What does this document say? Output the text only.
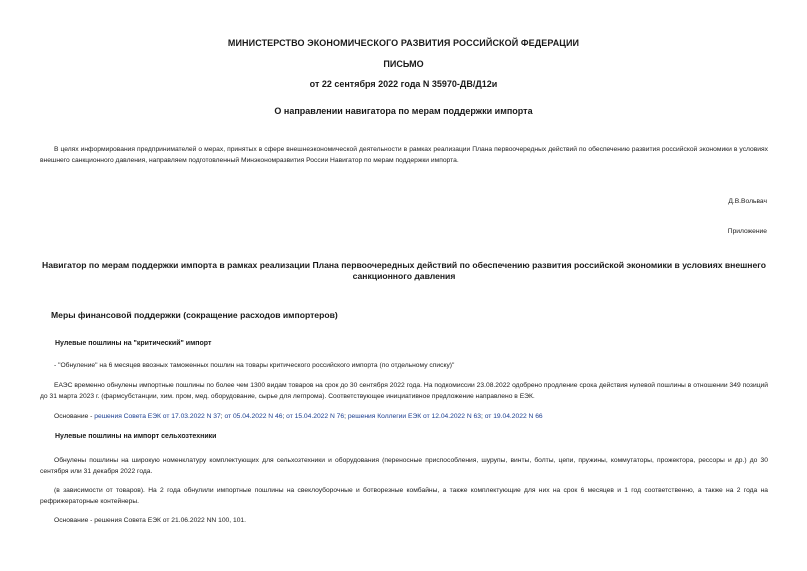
МИНИСТЕРСТВО ЭКОНОМИЧЕСКОГО РАЗВИТИЯ РОССИЙСКОЙ ФЕДЕРАЦИИ
ПИСЬМО
от 22 сентября 2022 года N 35970-ДВ/Д12и
О направлении навигатора по мерам поддержки импорта
В целях информирования предпринимателей о мерах, принятых в сфере внешнеэкономической деятельности в рамках реализации Плана первоочередных действий по обеспечению развития российской экономики в условиях внешнего санкционного давления, направляем подготовленный Минэкономразвития России Навигатор по мерам поддержки импорта.
Д.В.Вольвач
Приложение
Навигатор по мерам поддержки импорта в рамках реализации Плана первоочередных действий по обеспечению развития российской экономики в условиях внешнего санкционного давления
Меры финансовой поддержки (сокращение расходов импортеров)
Нулевые пошлины на "критический" импорт
- "Обнуление" на 6 месяцев ввозных таможенных пошлин на товары критического российского импорта (по отдельному списку)"
ЕАЭС временно обнулены импортные пошлины по более чем 1300 видам товаров на срок до 30 сентября 2022 года. На подкомиссии 23.08.2022 одобрено продление срока действия нулевой пошлины в отношении 349 позиций до 31 марта 2023 г. (фармсубстанции, хим. пром, мед. оборудование, сырье для легпрома). Соответствующее инициативное предложение направлено в ЕЭК.
Основание - решения Совета ЕЭК от 17.03.2022 N 37; от 05.04.2022 N 46; от 15.04.2022 N 76; решения Коллегии ЕЭК от 12.04.2022 N 63; от 19.04.2022 N 66
Нулевые пошлины на импорт сельхозтехники
Обнулены пошлины на широкую номенклатуру комплектующих для сельхозтехники и оборудования (переносные приспособления, шурупы, винты, болты, цепи, пружины, коммутаторы, прожектора, рессоры и др.) до 30 сентября или 31 декабря 2022 года.
(в зависимости от товаров). На 2 года обнулили импортные пошлины на свеклоуборочные и ботворезные комбайны, а также комплектующие для них на срок 6 месяцев и 1 год соответственно, а также на 2 года на рефрижераторные контейнеры.
Основание - решения Совета ЕЭК от 21.06.2022 NN 100, 101.
